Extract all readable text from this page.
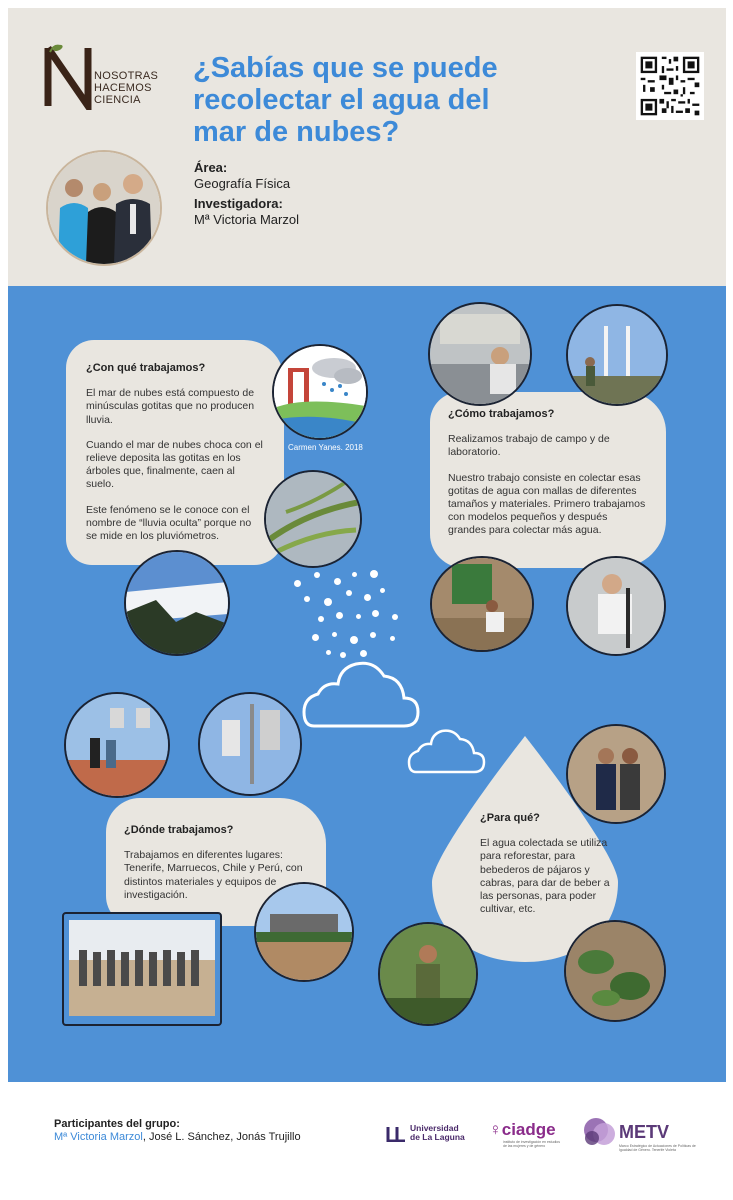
NOSOTRAS
HACEMOS
CIENCIA
¿Sabías que se puede recolectar el agua del mar de nubes?
Área:
Geografía Física
Investigadora:
Mª Victoria Marzol
¿Con qué trabajamos?

El mar de nubes está compuesto de minúsculas gotitas que no producen lluvia.

Cuando el mar de nubes choca con el relieve deposita las gotitas en los árboles que, finalmente, caen al suelo.

Este fenómeno se le conoce con el nombre de “lluvia oculta” porque no se mide en los pluviómetros.

¿Cómo trabajamos?

Realizamos trabajo de campo y de laboratorio.

Nuestro trabajo consiste en colectar esas gotitas de agua con mallas de diferentes tamaños y materiales. Primero trabajamos con modelos pequeños y después grandes para colectar más agua.

¿Dónde trabajamos?

Trabajamos en diferentes lugares: Tenerife, Marruecos, Chile y Perú, con distintos materiales y equipos de investigación.

¿Para qué?

El agua colectada se utiliza para reforestar, para bebederos de pájaros y cabras, para dar de beber a las personas, para poder cultivar, etc.

Carmen Yanes. 2018
Participantes del grupo:
Mª Victoria Marzol, José L. Sánchez, Jonás Trujillo
Universidad
de La Laguna ♀ciadge
instituto de investigación en estudios de las mujeres y de género
METV
Marco Estratégico de Actuaciones de Políticas de Igualdad de Género. Tenerife Violeta
